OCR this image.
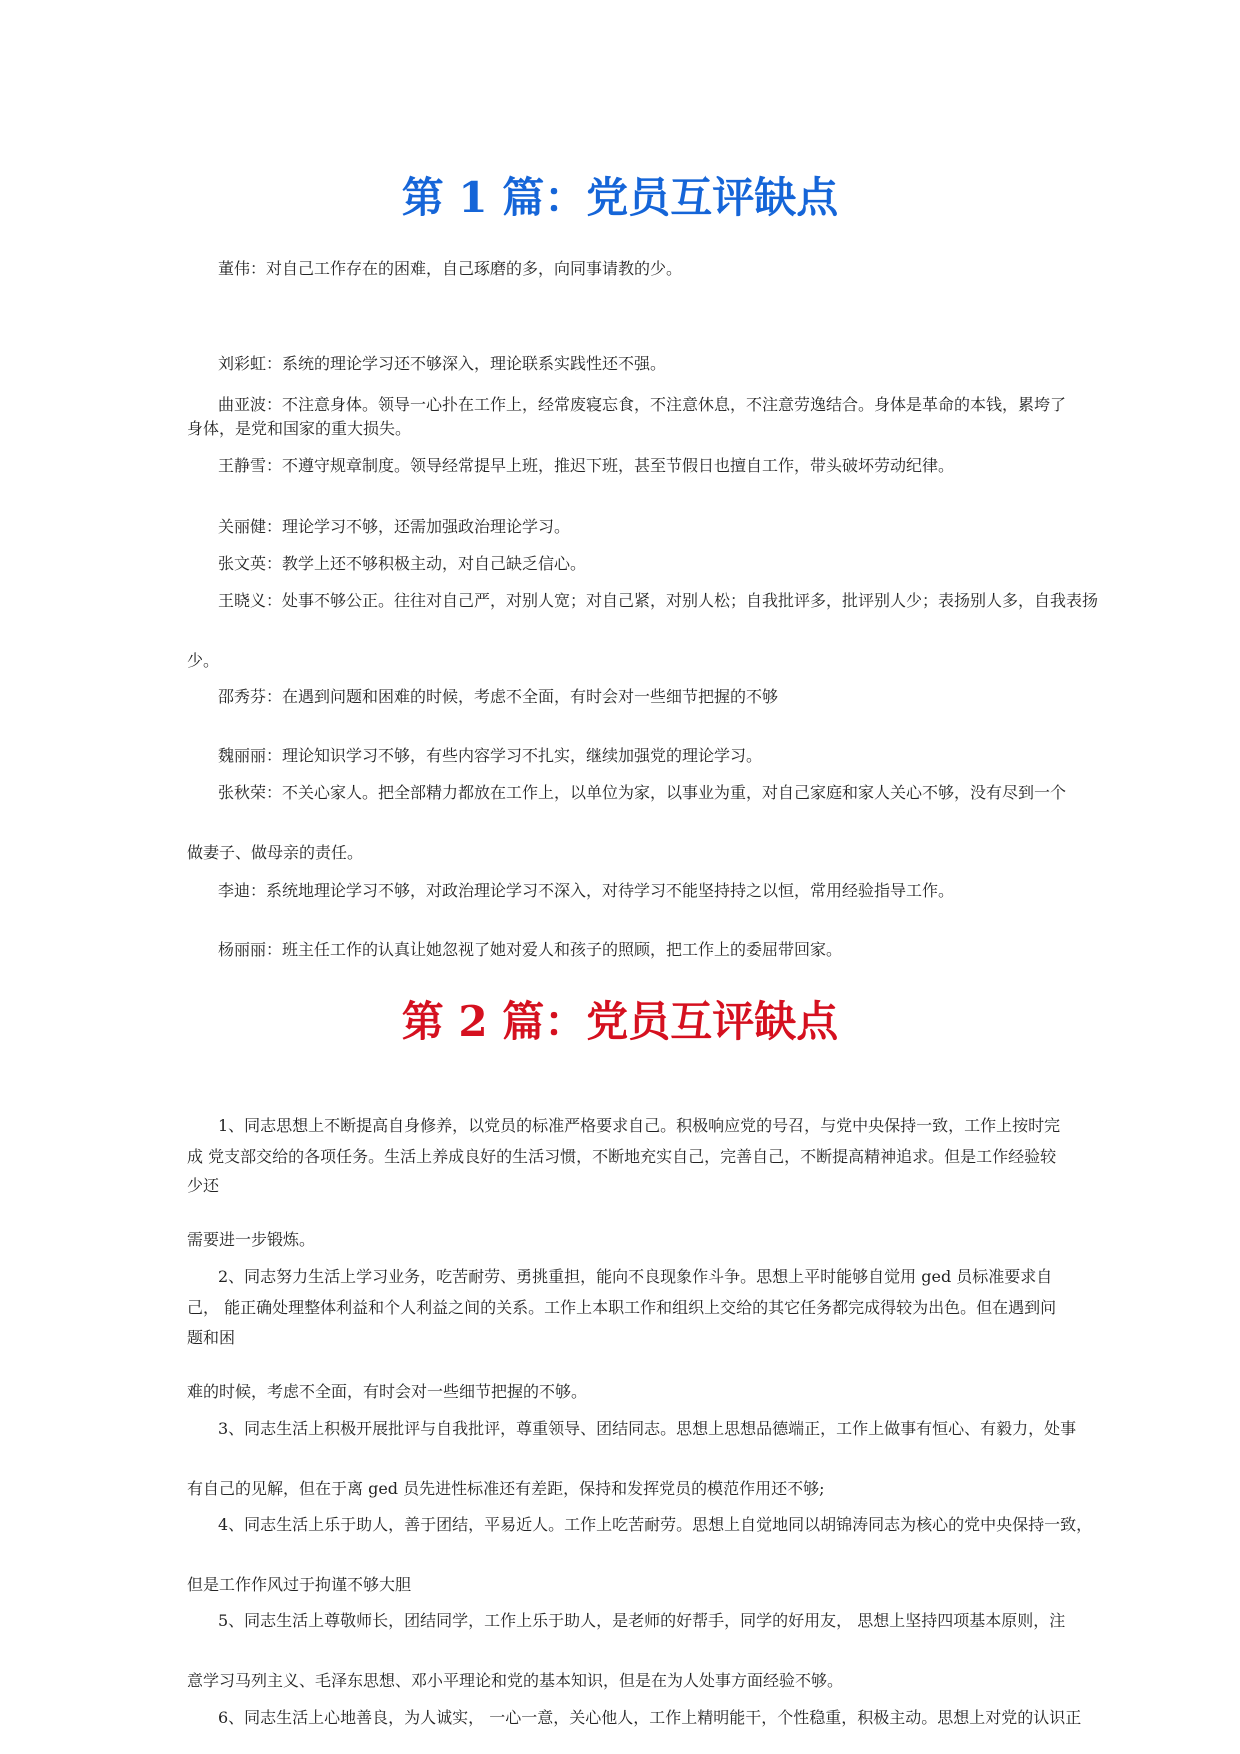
第 1 篇：党员互评缺点

董伟：对自己工作存在的困难，自己琢磨的多，向同事请教的少。

刘彩虹：系统的理论学习还不够深入，理论联系实践性还不强。

曲亚波：不注意身体。领导一心扑在工作上，经常废寝忘食，不注意休息，不注意劳逸结合。身体是革命的本钱，累垮了

身体，是党和国家的重大损失。

王静雪：不遵守规章制度。领导经常提早上班，推迟下班，甚至节假日也擅自工作，带头破坏劳动纪律。

关丽健：理论学习不够，还需加强政治理论学习。

张文英：教学上还不够积极主动，对自己缺乏信心。

王晓义：处事不够公正。往往对自己严，对别人宽；对自己紧，对别人松；自我批评多，批评别人少；表扬别人多，自我表扬

少。

邵秀芬：在遇到问题和困难的时候，考虑不全面，有时会对一些细节把握的不够

魏丽丽：理论知识学习不够，有些内容学习不扎实，继续加强党的理论学习。

张秋荣：不关心家人。把全部精力都放在工作上，以单位为家，以事业为重，对自己家庭和家人关心不够，没有尽到一个

做妻子、做母亲的责任。

李迪：系统地理论学习不够，对政治理论学习不深入，对待学习不能坚持持之以恒，常用经验指导工作。

杨丽丽：班主任工作的认真让她忽视了她对爱人和孩子的照顾，把工作上的委屈带回家。

第 2 篇：党员互评缺点

1、同志思想上不断提高自身修养，以党员的标准严格要求自己。积极响应党的号召，与党中央保持一致，工作上按时完

成 党支部交给的各项任务。生活上养成良好的生活习惯，不断地充实自己，完善自己，不断提高精神追求。但是工作经验较

少还

需要进一步锻炼。

2、同志努力生活上学习业务，吃苦耐劳、勇挑重担，能向不良现象作斗争。思想上平时能够自觉用 ged 员标准要求自

己， 能正确处理整体利益和个人利益之间的关系。工作上本职工作和组织上交给的其它任务都完成得较为出色。但在遇到问

题和困

难的时候，考虑不全面，有时会对一些细节把握的不够。

3、同志生活上积极开展批评与自我批评，尊重领导、团结同志。思想上思想品德端正，工作上做事有恒心、有毅力，处事

有自己的见解，但在于离 ged 员先进性标准还有差距，保持和发挥党员的模范作用还不够;

4、同志生活上乐于助人，善于团结，平易近人。工作上吃苦耐劳。思想上自觉地同以胡锦涛同志为核心的党中央保持一致，

但是工作作风过于拘谨不够大胆

5、同志生活上尊敬师长，团结同学，工作上乐于助人，是老师的好帮手，同学的好用友， 思想上坚持四项基本原则，注

意学习马列主义、毛泽东思想、邓小平理论和党的基本知识，但是在为人处事方面经验不够。

6、同志生活上心地善良，为人诚实， 一心一意，关心他人，工作上精明能干，个性稳重，积极主动。思想上对党的认识正
